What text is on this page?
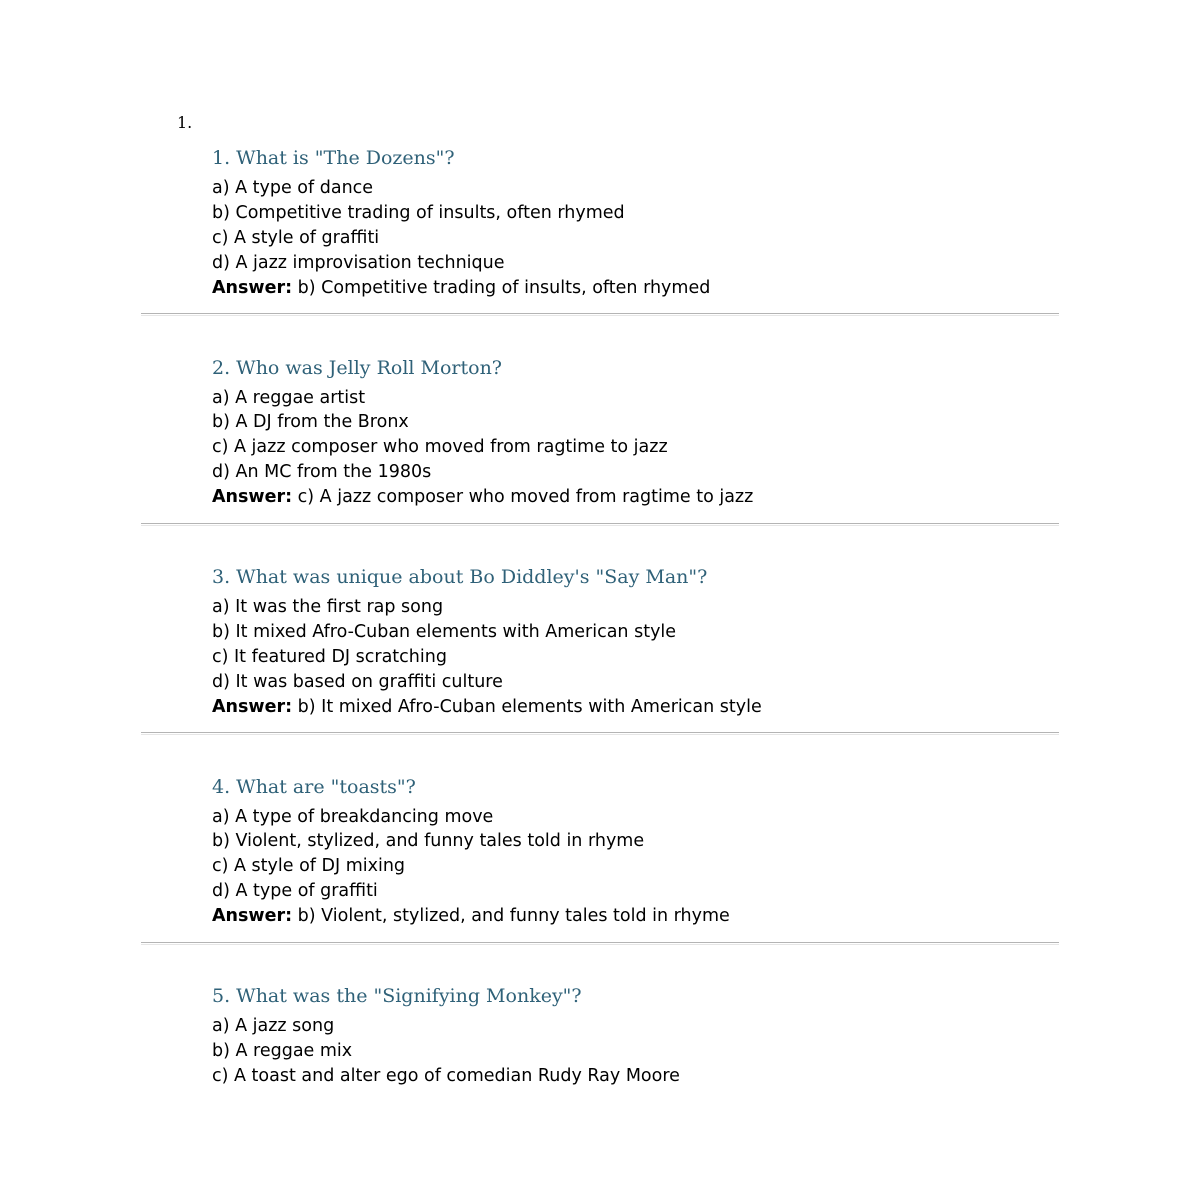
1.
1. What is "The Dozens"?
a) A type of dance
b) Competitive trading of insults, often rhymed
c) A style of graffiti
d) A jazz improvisation technique
Answer: b) Competitive trading of insults, often rhymed
2. Who was Jelly Roll Morton?
a) A reggae artist
b) A DJ from the Bronx
c) A jazz composer who moved from ragtime to jazz
d) An MC from the 1980s
Answer: c) A jazz composer who moved from ragtime to jazz
3. What was unique about Bo Diddley's "Say Man"?
a) It was the first rap song
b) It mixed Afro-Cuban elements with American style
c) It featured DJ scratching
d) It was based on graffiti culture
Answer: b) It mixed Afro-Cuban elements with American style
4. What are "toasts"?
a) A type of breakdancing move
b) Violent, stylized, and funny tales told in rhyme
c) A style of DJ mixing
d) A type of graffiti
Answer: b) Violent, stylized, and funny tales told in rhyme
5. What was the "Signifying Monkey"?
a) A jazz song
b) A reggae mix
c) A toast and alter ego of comedian Rudy Ray Moore
